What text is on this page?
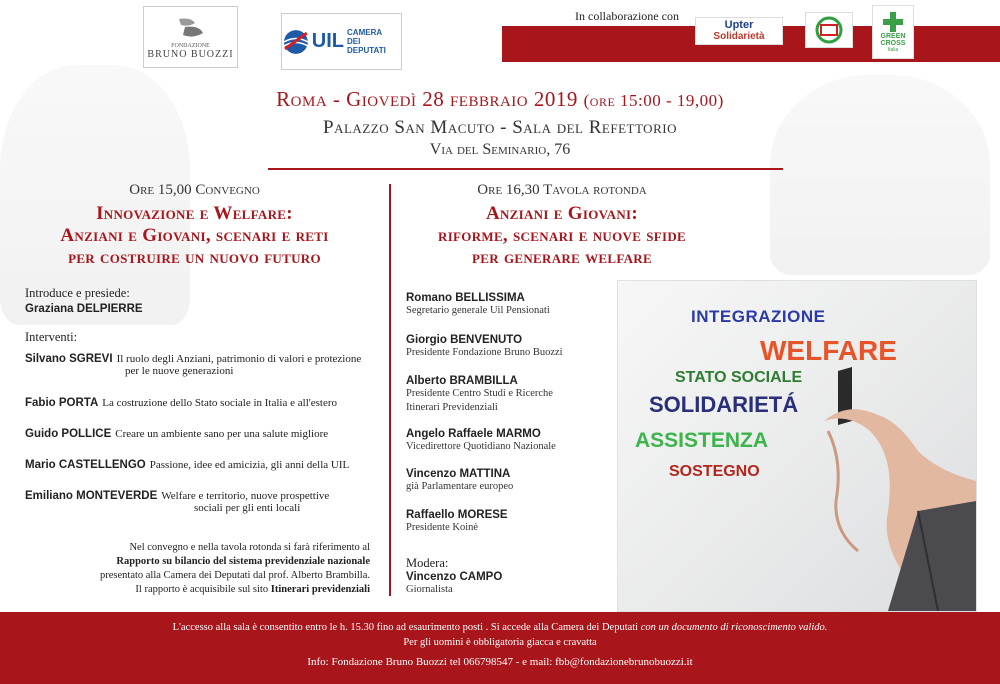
FONDAZIONE
BRUNO BUOZZI
UIL CAMERA
DEI DEPUTATI
In collaborazione con
Upter
Solidarietà	GREEN
CROSS
Italia
Roma - Giovedì 28 febbraio 2019 (ore 15:00 - 19,00)
Palazzo San Macuto - Sala del Refettorio
Via del Seminario, 76
Ore 15,00 Convegno
Innovazione e Welfare:
Anziani e Giovani, scenari e reti
per costruire un nuovo futuro
Introduce e presiede:
Graziana DELPIERRE
Interventi:
Silvano SGREVI Il ruolo degli Anziani, patrimonio di valori e protezione
per le nuove generazioni
Fabio PORTA La costruzione dello Stato sociale in Italia e all'estero
Guido POLLICE Creare un ambiente sano per una salute migliore
Mario CASTELLENGO Passione, idee ed amicizia, gli anni della UIL
Emiliano MONTEVERDE Welfare e territorio, nuove prospettive
sociali per gli enti locali
Nel convegno e nella tavola rotonda si farà riferimento al
Rapporto su bilancio del sistema previdenziale nazionale
presentato alla Camera dei Deputati dal prof. Alberto Brambilla.
Il rapporto è acquisibile sul sito Itinerari previdenziali
Ore 16,30 Tavola rotonda
Anziani e Giovani:
riforme, scenari e nuove sfide
per generare welfare
Romano BELLISSIMA
Segretario generale Uil Pensionati
Giorgio BENVENUTO
Presidente Fondazione Bruno Buozzi
Alberto BRAMBILLA
Presidente Centro Studi e Ricerche
Itinerari Previdenziali
Angelo Raffaele MARMO
Vicedirettore Quotidiano Nazionale
Vincenzo MATTINA
già Parlamentare europeo
Raffaello MORESE
Presidente Koinè
Modera:
Vincenzo CAMPO
Giornalista
INTEGRAZIONE
WELFARE
STATO SOCIALE
SOLIDARIETÁ
ASSISTENZA
SOSTEGNO
L'accesso alla sala è consentito entro le h. 15.30 fino ad esaurimento posti . Si accede alla Camera dei Deputati con un documento di riconoscimento valido.
Per gli uomini è obbligatoria giacca e cravatta
Info: Fondazione Bruno Buozzi tel 066798547 - e mail: fbb@fondazionebrunobuozzi.it
